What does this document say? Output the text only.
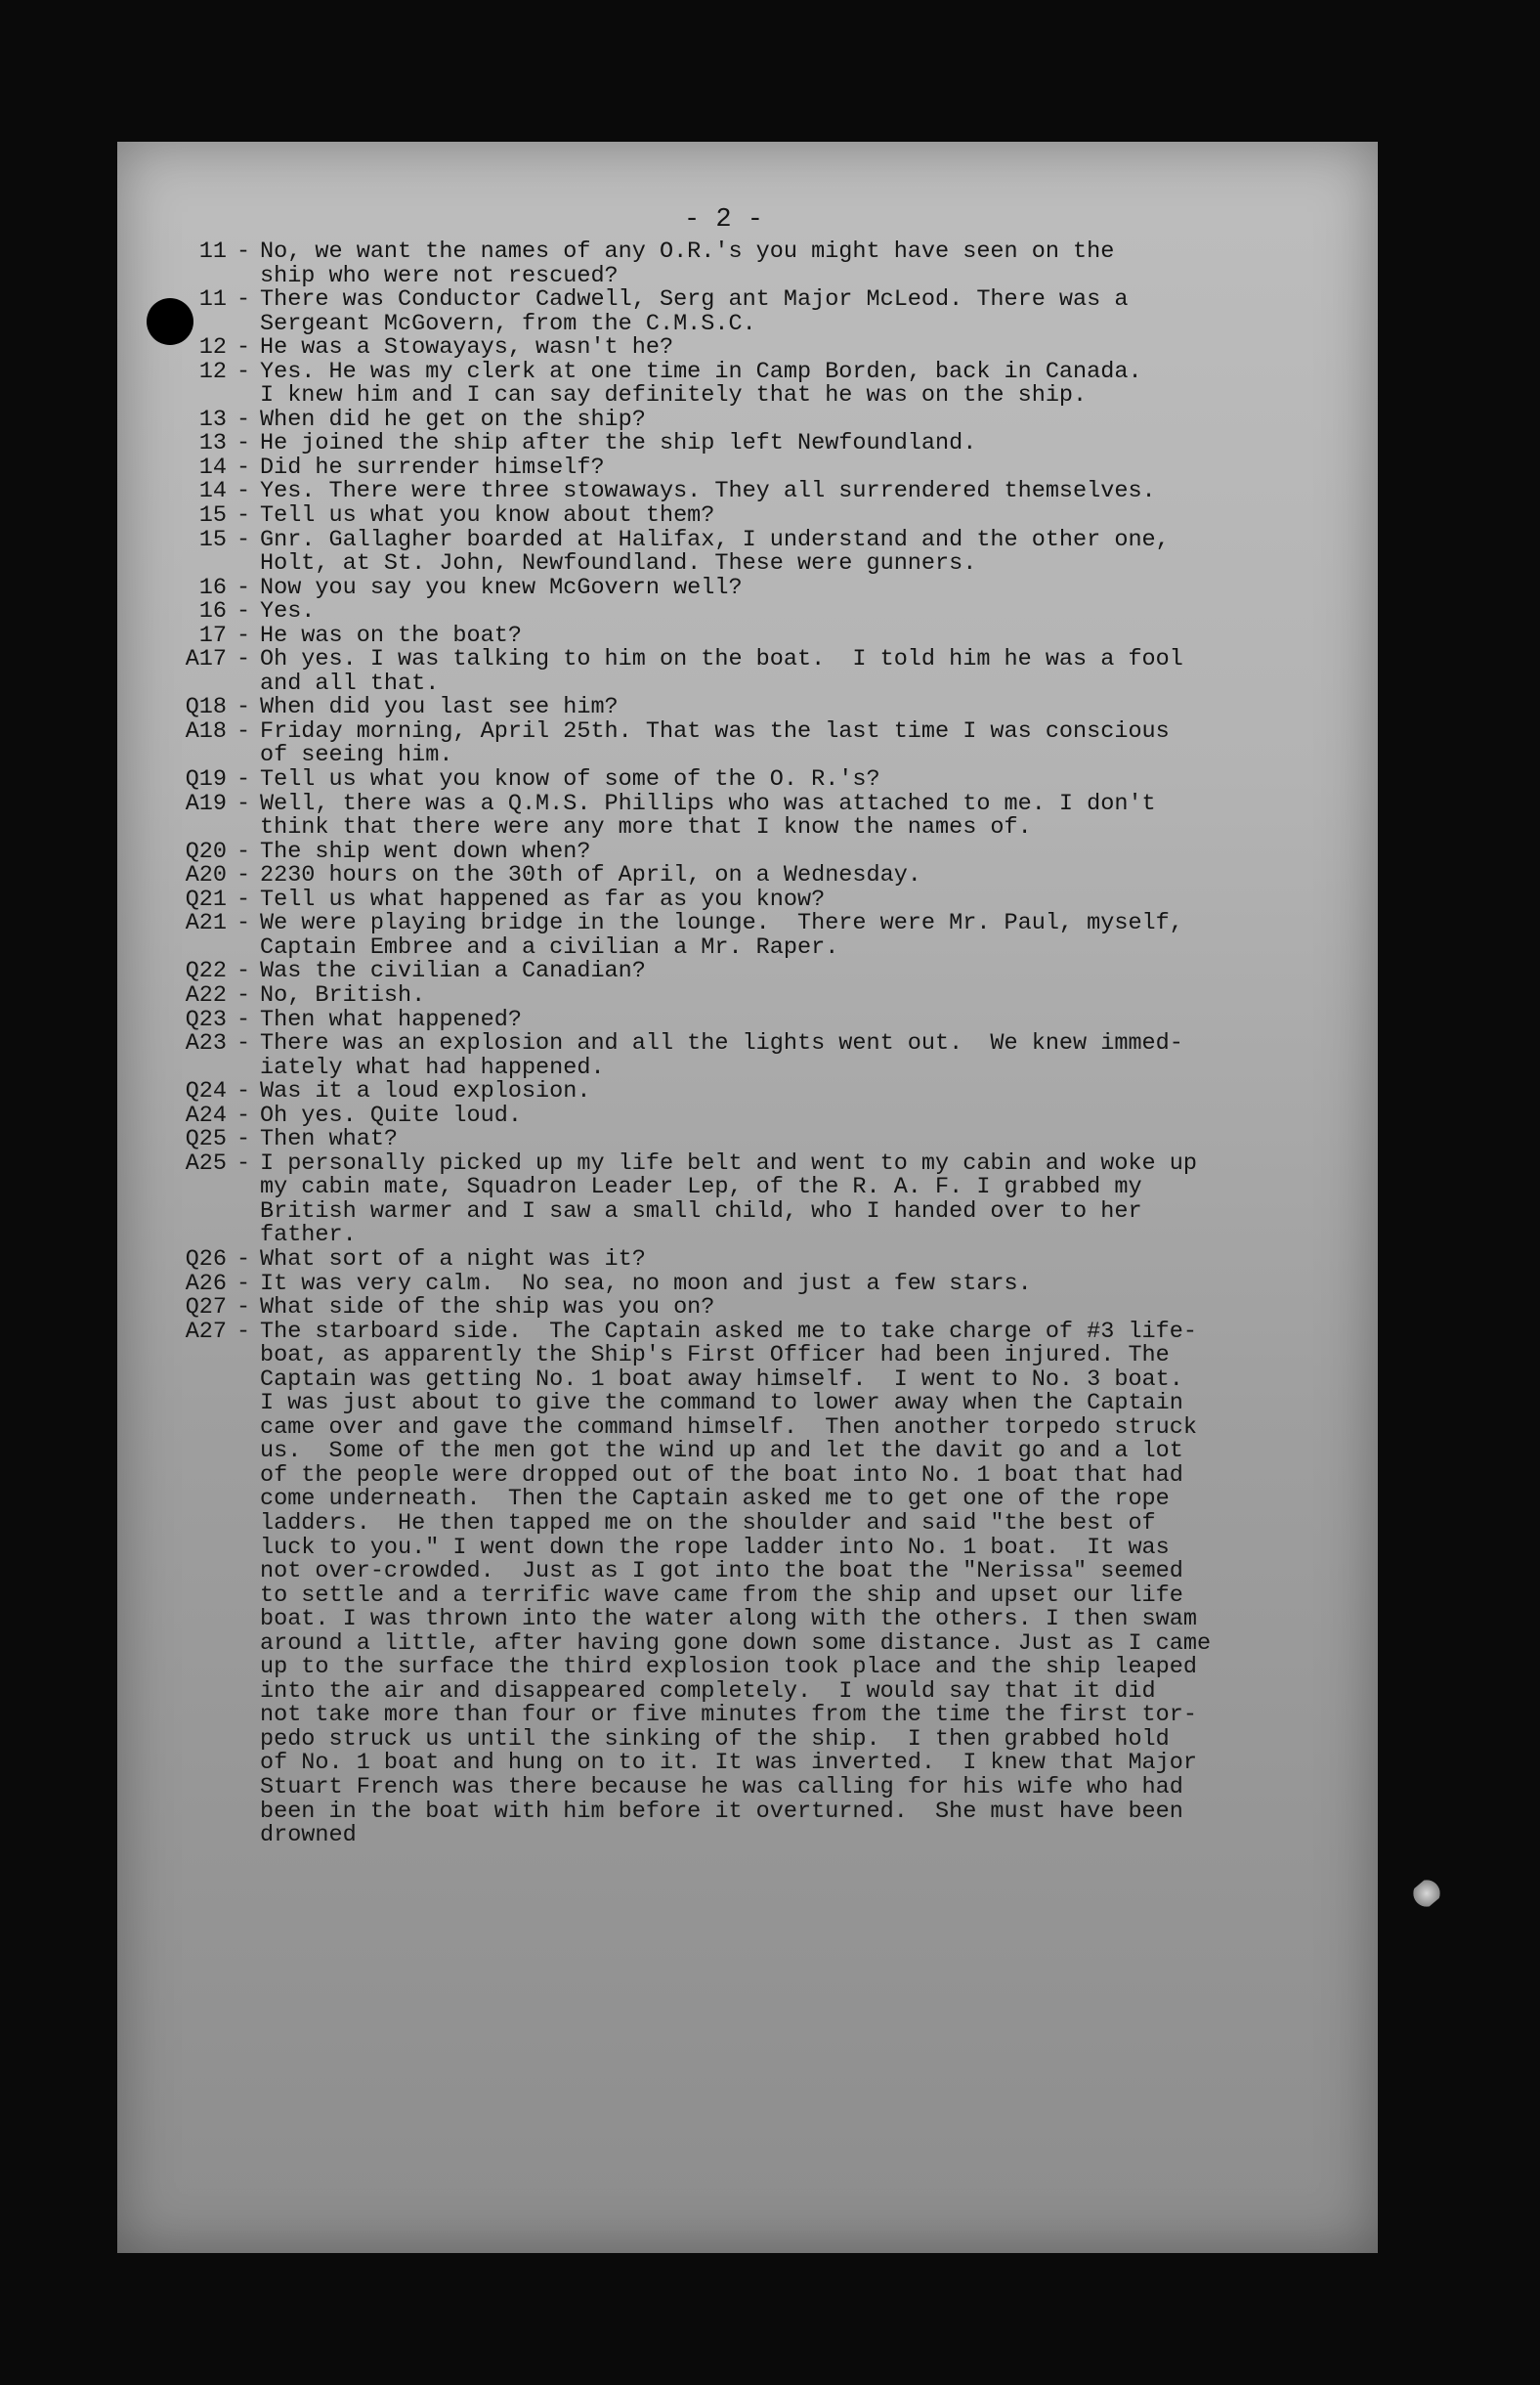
- 2 -
11 - No, we want the names of any O.R.'s you might have seen on the
ship who were not rescued?
11 - There was Conductor Cadwell, Serg ant Major McLeod. There was a
Sergeant McGovern, from the C.M.S.C.
12 - He was a Stowayays, wasn't he?
12 - Yes. He was my clerk at one time in Camp Borden, back in Canada.
I knew him and I can say definitely that he was on the ship.
13 - When did he get on the ship?
13 - He joined the ship after the ship left Newfoundland.
14 - Did he surrender himself?
14 - Yes. There were three stowaways. They all surrendered themselves.
15 - Tell us what you know about them?
15 - Gnr. Gallagher boarded at Halifax, I understand and the other one,
Holt, at St. John, Newfoundland. These were gunners.
16 - Now you say you knew McGovern well?
16 - Yes.
17 - He was on the boat?
A17 - Oh yes. I was talking to him on the boat.  I told him he was a fool
and all that.
Q18 - When did you last see him?
A18 - Friday morning, April 25th. That was the last time I was conscious
of seeing him.
Q19 - Tell us what you know of some of the O. R.'s?
A19 - Well, there was a Q.M.S. Phillips who was attached to me. I don't
think that there were any more that I know the names of.
Q20 - The ship went down when?
A20 - 2230 hours on the 30th of April, on a Wednesday.
Q21 - Tell us what happened as far as you know?
A21 - We were playing bridge in the lounge.  There were Mr. Paul, myself,
Captain Embree and a civilian a Mr. Raper.
Q22 - Was the civilian a Canadian?
A22 - No, British.
Q23 - Then what happened?
A23 - There was an explosion and all the lights went out.  We knew immed-
iately what had happened.
Q24 - Was it a loud explosion.
A24 - Oh yes. Quite loud.
Q25 - Then what?
A25 - I personally picked up my life belt and went to my cabin and woke up
my cabin mate, Squadron Leader Lep, of the R. A. F. I grabbed my
British warmer and I saw a small child, who I handed over to her
father.
Q26 - What sort of a night was it?
A26 - It was very calm.  No sea, no moon and just a few stars.
Q27 - What side of the ship was you on?
A27 - The starboard side.  The Captain asked me to take charge of #3 life-
boat, as apparently the Ship's First Officer had been injured. The
Captain was getting No. 1 boat away himself.  I went to No. 3 boat.
I was just about to give the command to lower away when the Captain
came over and gave the command himself.  Then another torpedo struck
us.  Some of the men got the wind up and let the davit go and a lot
of the people were dropped out of the boat into No. 1 boat that had
come underneath.  Then the Captain asked me to get one of the rope
ladders.  He then tapped me on the shoulder and said "the best of
luck to you." I went down the rope ladder into No. 1 boat.  It was
not over-crowded.  Just as I got into the boat the "Nerissa" seemed
to settle and a terrific wave came from the ship and upset our life
boat. I was thrown into the water along with the others. I then swam
around a little, after having gone down some distance. Just as I came
up to the surface the third explosion took place and the ship leaped
into the air and disappeared completely.  I would say that it did
not take more than four or five minutes from the time the first tor-
pedo struck us until the sinking of the ship.  I then grabbed hold
of No. 1 boat and hung on to it. It was inverted.  I knew that Major
Stuart French was there because he was calling for his wife who had
been in the boat with him before it overturned.  She must have been
drowned
